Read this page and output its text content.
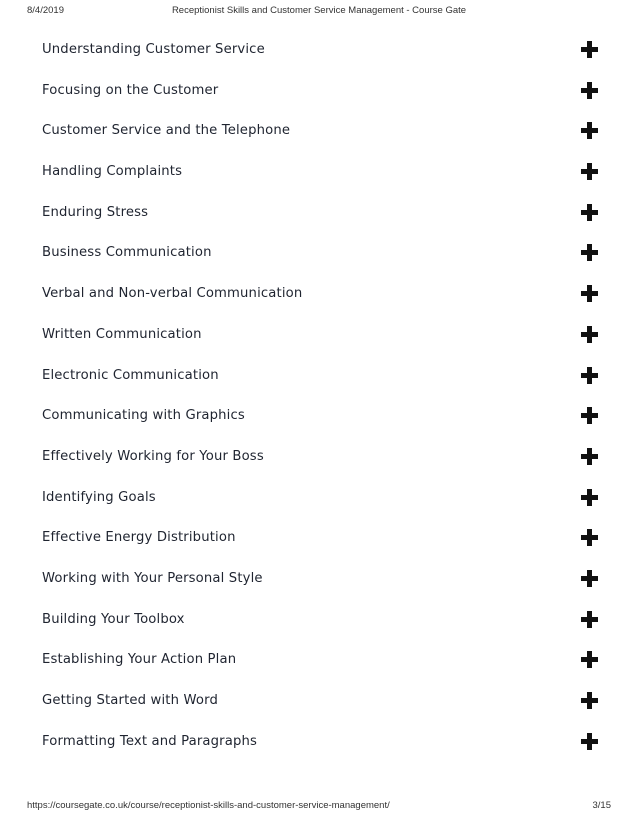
8/4/2019	Receptionist Skills and Customer Service Management - Course Gate
Understanding Customer Service
Focusing on the Customer
Customer Service and the Telephone
Handling Complaints
Enduring Stress
Business Communication
Verbal and Non-verbal Communication
Written Communication
Electronic Communication
Communicating with Graphics
Effectively Working for Your Boss
Identifying Goals
Effective Energy Distribution
Working with Your Personal Style
Building Your Toolbox
Establishing Your Action Plan
Getting Started with Word
Formatting Text and Paragraphs
https://coursegate.co.uk/course/receptionist-skills-and-customer-service-management/	3/15
